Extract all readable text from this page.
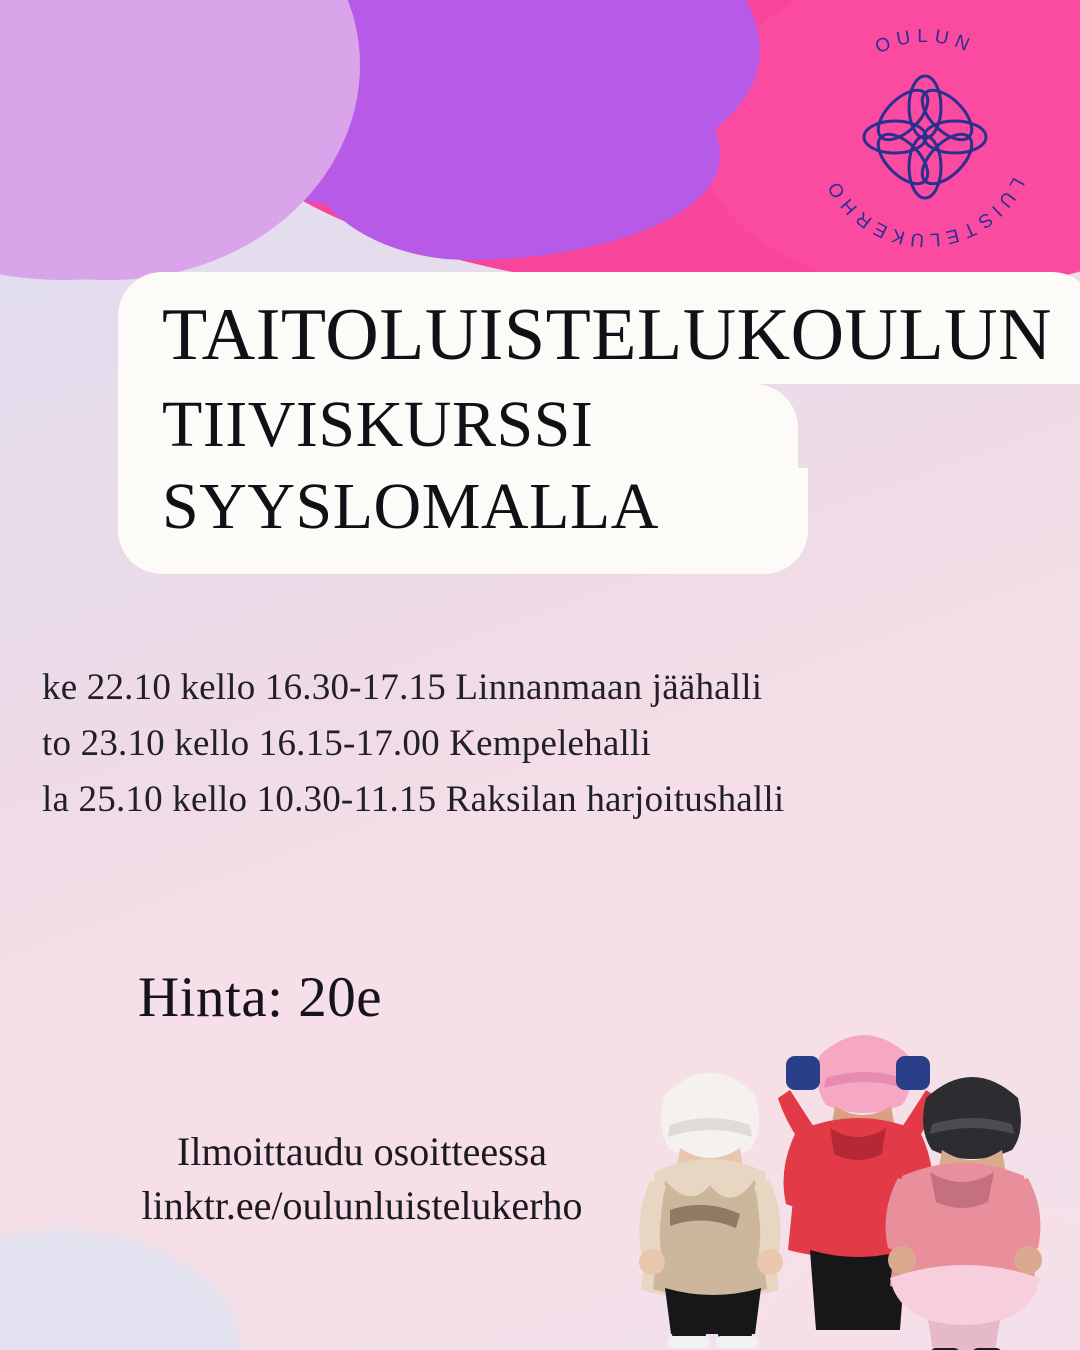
OULUN
LUISTELUKERHO
TAITOLUISTELUKOULUN
TIIVISKURSSI
SYYSLOMALLA
ke 22.10 kello 16.30-17.15 Linnanmaan jäähalli
to 23.10 kello 16.15-17.00 Kempelehalli
la 25.10 kello 10.30-11.15 Raksilan harjoitushalli
Hinta: 20e
Ilmoittaudu osoitteessa
linktr.ee/oulunluistelukerho
